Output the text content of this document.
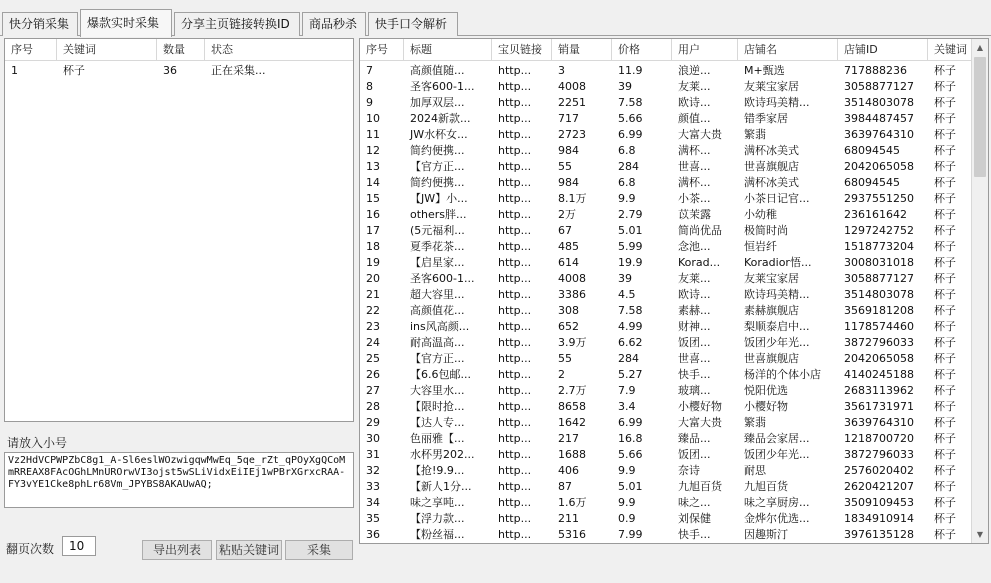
快分销采集	爆款实时采集	分享主页链接转换ID	商品秒杀	快手口令解析
序号	关键词	数量	状态
1	杯子	36	正在采集...
请放入小号
Vz2HdVCPWPZbC8g1_A-Sl6eslWOzwigqwMwEq_5qe_rZt_qPOyXgQCoMmRREAX8FAcOGhLMnUROrwVI3ojst5wSLiVidxEiIEj1wPBrXGrxcRAA-FY3vYE1Cke8phLr68Vm_JPYBS8AKAUwAQ;
翻页次数	10	导出列表	粘贴关键词	采集
▲
▼
序号	标题	宝贝链接	销量	价格	用户	店铺名	店铺ID	关键词
7	高颜值随...	http...	3	11.9	浪逆...	M+甄选	717888236	杯子
8	圣客600-1...	http...	4008	39	友莱...	友莱宝家居	3058877127	杯子
9	加厚双层...	http...	2251	7.58	欧诗...	欧诗玛美精...	3514803078	杯子
10	2024新款...	http...	717	5.66	颜值...	错季家居	3984487457	杯子
11	JW水杯女...	http...	2723	6.99	大富大贵	繁翡	3639764310	杯子
12	简约便携...	http...	984	6.8	满杯...	满杯冰美式	68094545	杯子
13	【官方正...	http...	55	284	世喜...	世喜旗舰店	2042065058	杯子
14	简约便携...	http...	984	6.8	满杯...	满杯冰美式	68094545	杯子
15	【JW】小...	http...	8.1万	9.9	小茶...	小茶日记官...	2937551250	杯子
16	others胖...	http...	2万	2.79	苡茉露	小幼稚	236161642	杯子
17	(5元福利...	http...	67	5.01	简尚优品	极简时尚	1297242752	杯子
18	夏季花茶...	http...	485	5.99	念池...	恒岩纤	1518773204	杯子
19	【启星家...	http...	614	19.9	Korad...	Koradior悟...	3008031018	杯子
20	圣客600-1...	http...	4008	39	友莱...	友莱宝家居	3058877127	杯子
21	超大容里...	http...	3386	4.5	欧诗...	欧诗玛美精...	3514803078	杯子
22	高颜值花...	http...	308	7.58	素赫...	素赫旗舰店	3569181208	杯子
23	ins风高颜...	http...	652	4.99	财神...	梨顺泰启中...	1178574460	杯子
24	耐高温高...	http...	3.9万	6.62	饭团...	饭团少年光...	3872796033	杯子
25	【官方正...	http...	55	284	世喜...	世喜旗舰店	2042065058	杯子
26	【6.6包邮...	http...	2	5.27	快手...	杨洋的个体小店	4140245188	杯子
27	大容里水...	http...	2.7万	7.9	玻璃...	悦阳优选	2683113962	杯子
28	【限时抢...	http...	8658	3.4	小樱好物	小樱好物	3561731971	杯子
29	【达人专...	http...	1642	6.99	大富大贵	繁翡	3639764310	杯子
30	色丽雅【...	http...	217	16.8	臻品...	臻品会家居...	1218700720	杯子
31	水杯男202...	http...	1688	5.66	饭团...	饭团少年光...	3872796033	杯子
32	【抢!9.9...	http...	406	9.9	奈诗	耐思	2576020402	杯子
33	【新人1分...	http...	87	5.01	九旭百货	九旭百货	2620421207	杯子
34	味之享吨...	http...	1.6万	9.9	味之...	味之享厨房...	3509109453	杯子
35	【浮力款...	http...	211	0.9	刘保健	金烨尔优选...	1834910914	杯子
36	【粉丝福...	http...	5316	7.99	快手...	因趣斯汀	3976135128	杯子
